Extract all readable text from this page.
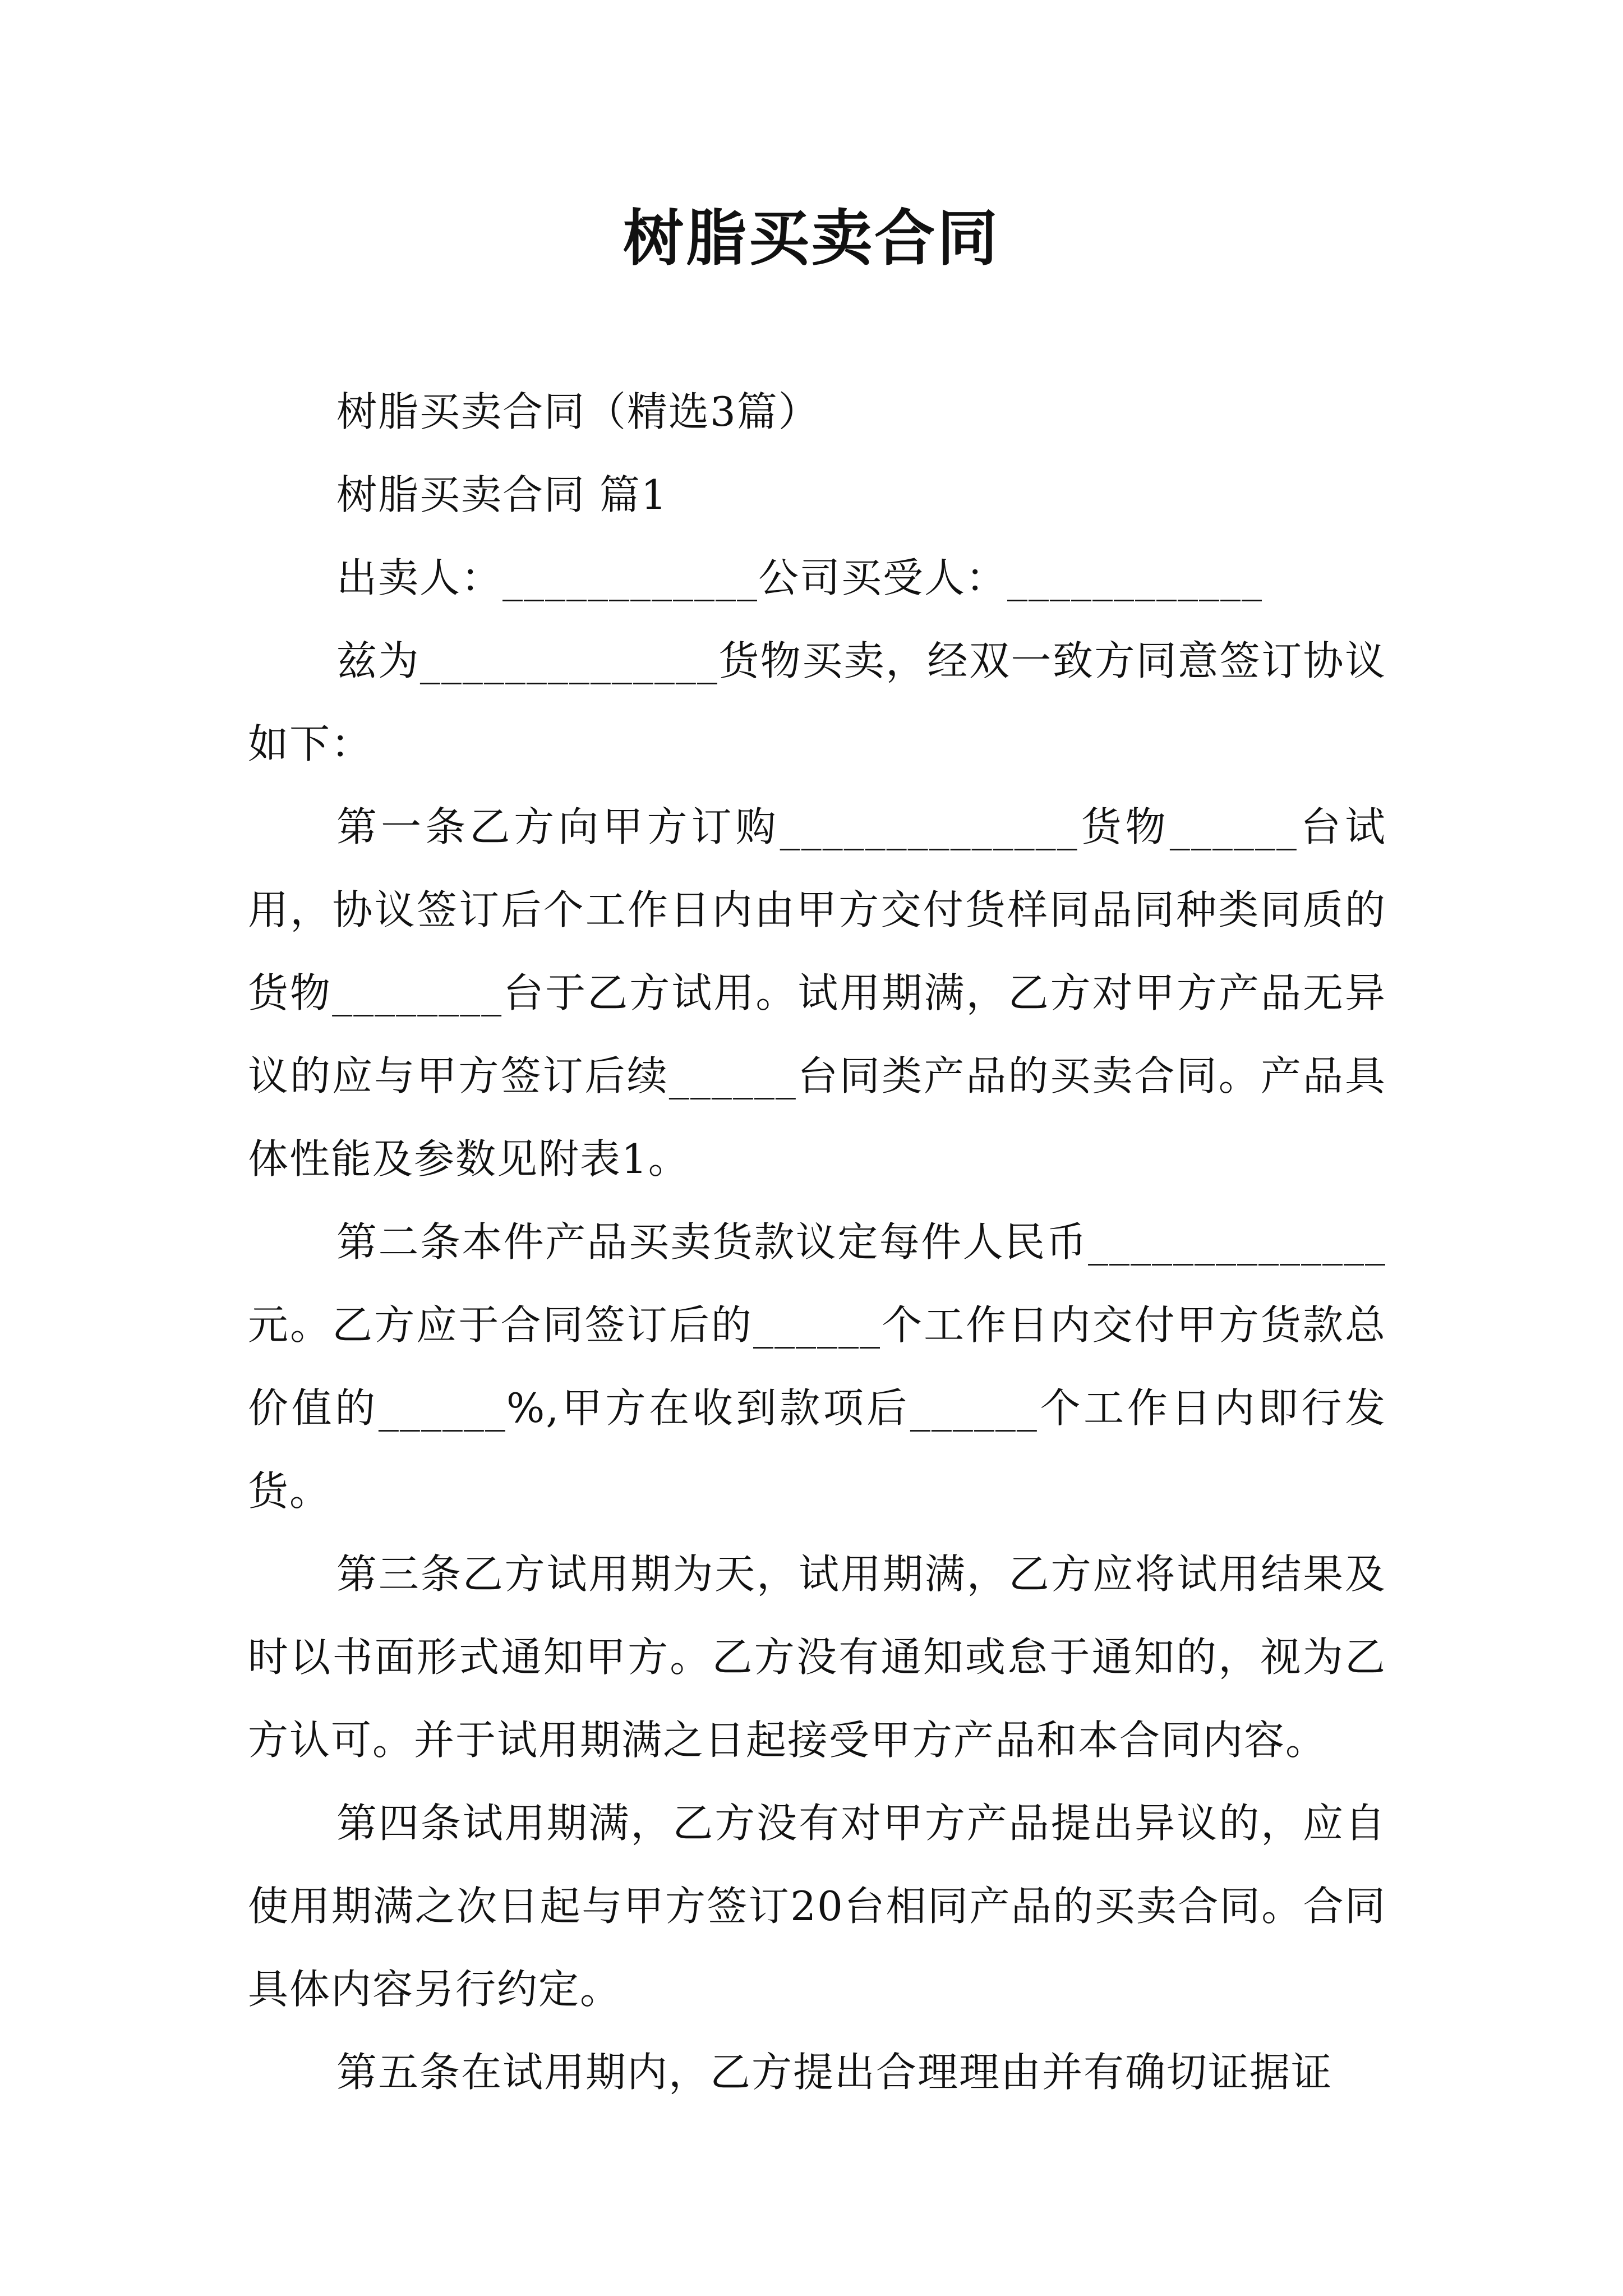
树脂买卖合同

树脂买卖合同（精选3篇）

树脂买卖合同 篇1

出卖人：____________公司买受人：____________

兹为______________货物买卖，经双一致方同意签订协议如下：

第一条乙方向甲方订购______________货物______台试用，协议签订后个工作日内由甲方交付货样同品同种类同质的货物________台于乙方试用。试用期满，乙方对甲方产品无异议的应与甲方签订后续______台同类产品的买卖合同。产品具体性能及参数见附表1。

第二条本件产品买卖货款议定每件人民币______________元。乙方应于合同签订后的______个工作日内交付甲方货款总价值的______%,甲方在收到款项后______个工作日内即行发货。

第三条乙方试用期为天，试用期满，乙方应将试用结果及时以书面形式通知甲方。乙方没有通知或怠于通知的，视为乙方认可。并于试用期满之日起接受甲方产品和本合同内容。

第四条试用期满，乙方没有对甲方产品提出异议的，应自使用期满之次日起与甲方签订20台相同产品的买卖合同。合同具体内容另行约定。

第五条在试用期内，乙方提出合理理由并有确切证据证
